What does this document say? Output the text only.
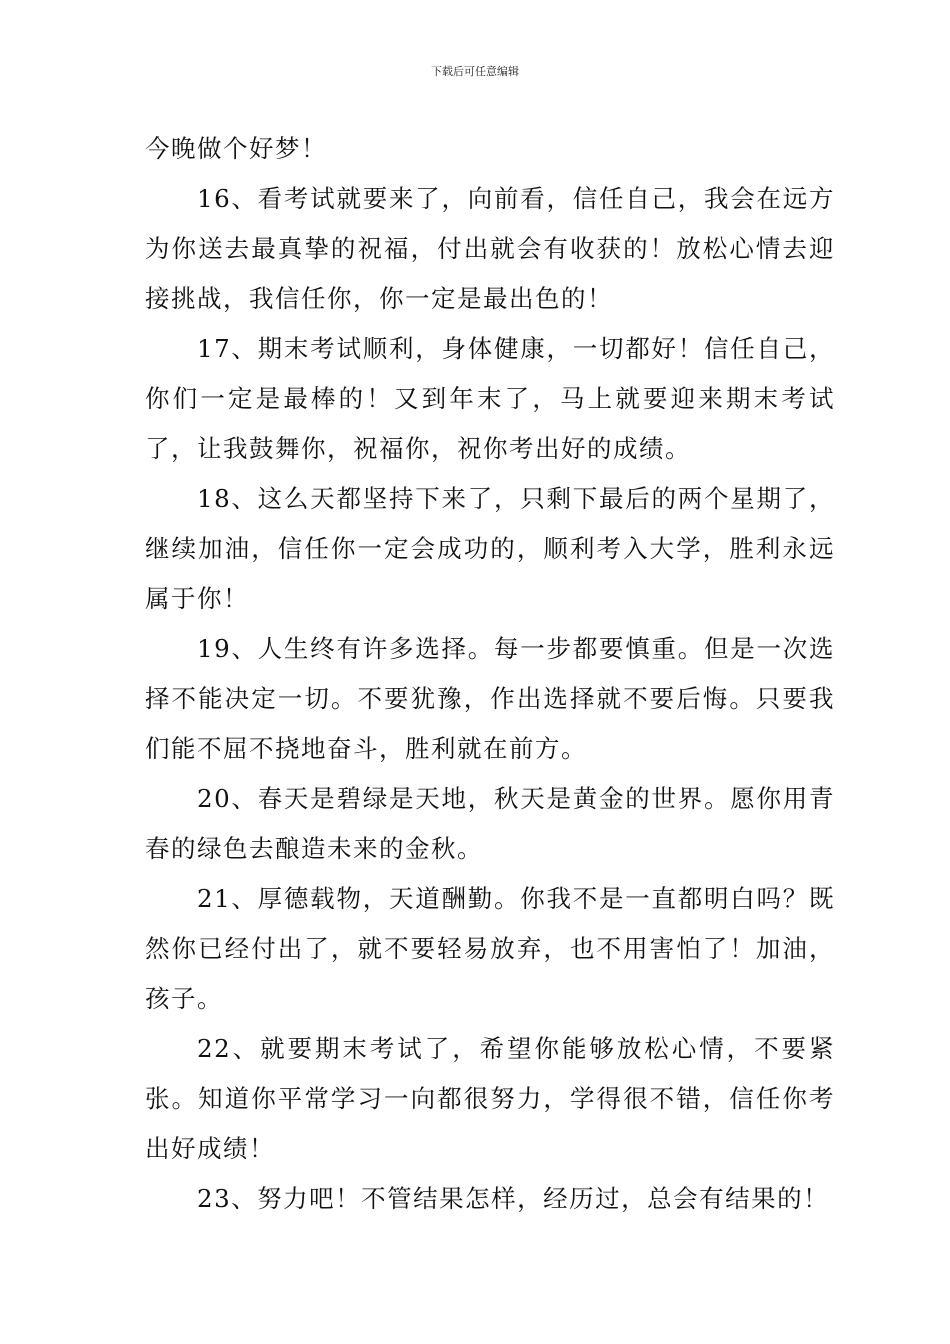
下载后可任意编辑

今晚做个好梦！

16、看考试就要来了，向前看，信任自己，我会在远方为你送去最真挚的祝福，付出就会有收获的！放松心情去迎接挑战，我信任你，你一定是最出色的！

17、期末考试顺利，身体健康，一切都好！信任自己，你们一定是最棒的！又到年末了，马上就要迎来期末考试了，让我鼓舞你，祝福你，祝你考出好的成绩。

18、这么天都坚持下来了，只剩下最后的两个星期了，继续加油，信任你一定会成功的，顺利考入大学，胜利永远属于你！

19、人生终有许多选择。每一步都要慎重。但是一次选择不能决定一切。不要犹豫，作出选择就不要后悔。只要我们能不屈不挠地奋斗，胜利就在前方。

20、春天是碧绿是天地，秋天是黄金的世界。愿你用青春的绿色去酿造未来的金秋。

21、厚德载物，天道酬勤。你我不是一直都明白吗？既然你已经付出了，就不要轻易放弃，也不用害怕了！加油，孩子。

22、就要期末考试了，希望你能够放松心情，不要紧张。知道你平常学习一向都很努力，学得很不错，信任你考出好成绩！

23、努力吧！不管结果怎样，经历过，总会有结果的！
